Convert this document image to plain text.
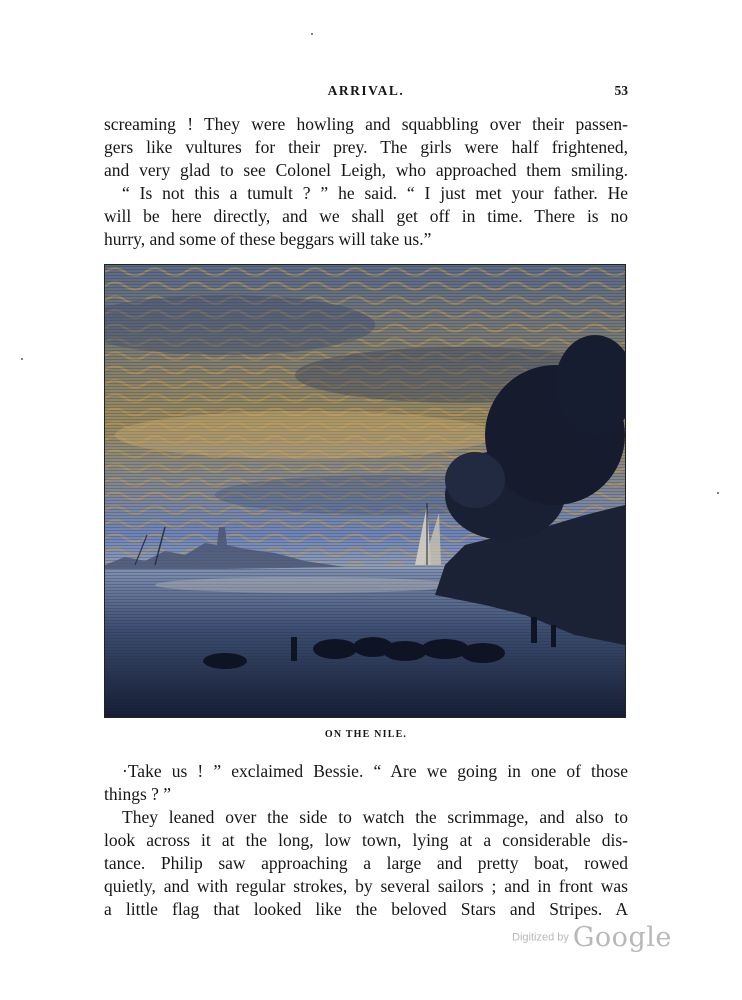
ARRIVAL.	53
screaming ! They were howling and squabbling over their passen-
gers like vultures for their prey. The girls were half frightened,
and very glad to see Colonel Leigh, who approached them smiling.
“ Is not this a tumult ? ” he said. “ I just met your father. He
will be here directly, and we shall get off in time. There is no
hurry, and some of these beggars will take us.”
ON THE NILE.
·Take us ! ” exclaimed Bessie. “ Are we going in one of those
things ? ”
They leaned over the side to watch the scrimmage, and also to
look across it at the long, low town, lying at a considerable dis-
tance. Philip saw approaching a large and pretty boat, rowed
quietly, and with regular strokes, by several sailors ; and in front was
a little flag that looked like the beloved Stars and Stripes. A
Digitized by Google
